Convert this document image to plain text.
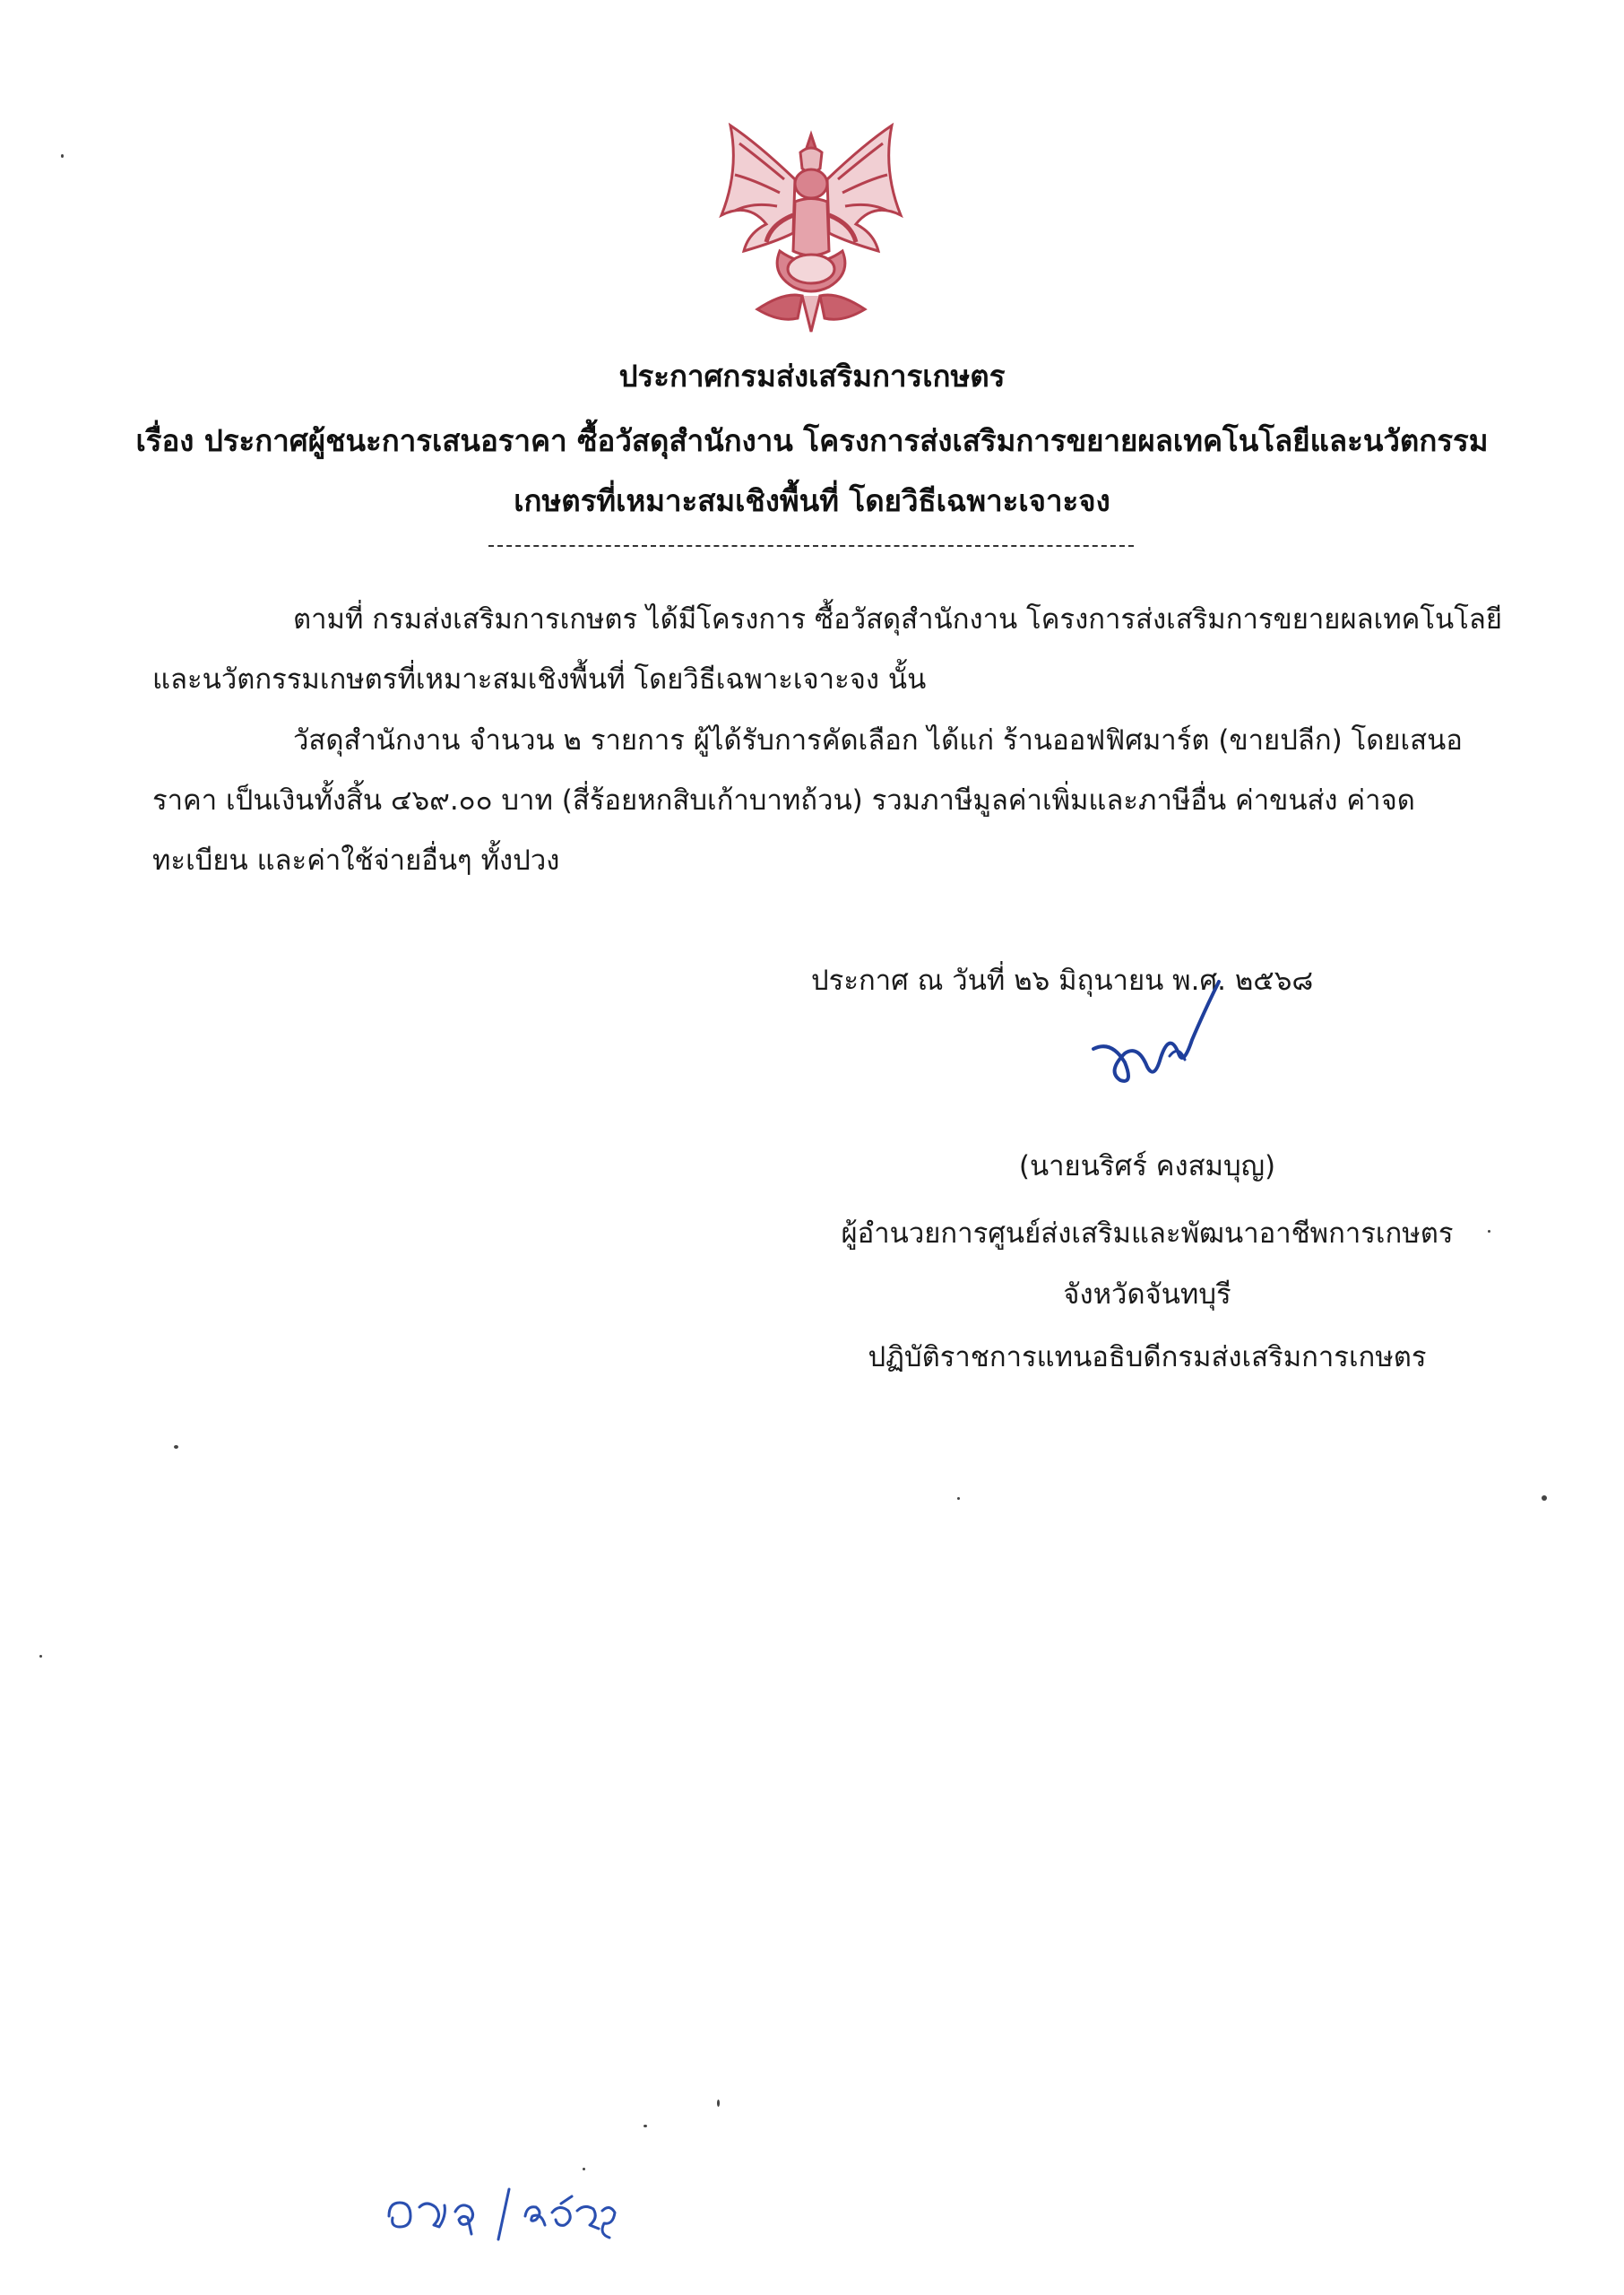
ประกาศกรมส่งเสริมการเกษตร
เรื่อง ประกาศผู้ชนะการเสนอราคา ซื้อวัสดุสำนักงาน โครงการส่งเสริมการขยายผลเทคโนโลยีและนวัตกรรม
เกษตรที่เหมาะสมเชิงพื้นที่ โดยวิธีเฉพาะเจาะจง
ตามที่ กรมส่งเสริมการเกษตร ได้มีโครงการ ซื้อวัสดุสำนักงาน โครงการส่งเสริมการขยายผลเทคโนโลยี
และนวัตกรรมเกษตรที่เหมาะสมเชิงพื้นที่ โดยวิธีเฉพาะเจาะจง นั้น
วัสดุสำนักงาน จำนวน ๒ รายการ ผู้ได้รับการคัดเลือก ได้แก่ ร้านออฟฟิศมาร์ต (ขายปลีก) โดยเสนอ
ราคา เป็นเงินทั้งสิ้น ๔๖๙.๐๐ บาท (สี่ร้อยหกสิบเก้าบาทถ้วน) รวมภาษีมูลค่าเพิ่มและภาษีอื่น ค่าขนส่ง ค่าจด
ทะเบียน และค่าใช้จ่ายอื่นๆ ทั้งปวง
ประกาศ ณ วันที่ ๒๖ มิถุนายน พ.ศ. ๒๕๖๘
(นายนริศร์ คงสมบุญ)
ผู้อำนวยการศูนย์ส่งเสริมและพัฒนาอาชีพการเกษตร
จังหวัดจันทบุรี
ปฏิบัติราชการแทนอธิบดีกรมส่งเสริมการเกษตร
